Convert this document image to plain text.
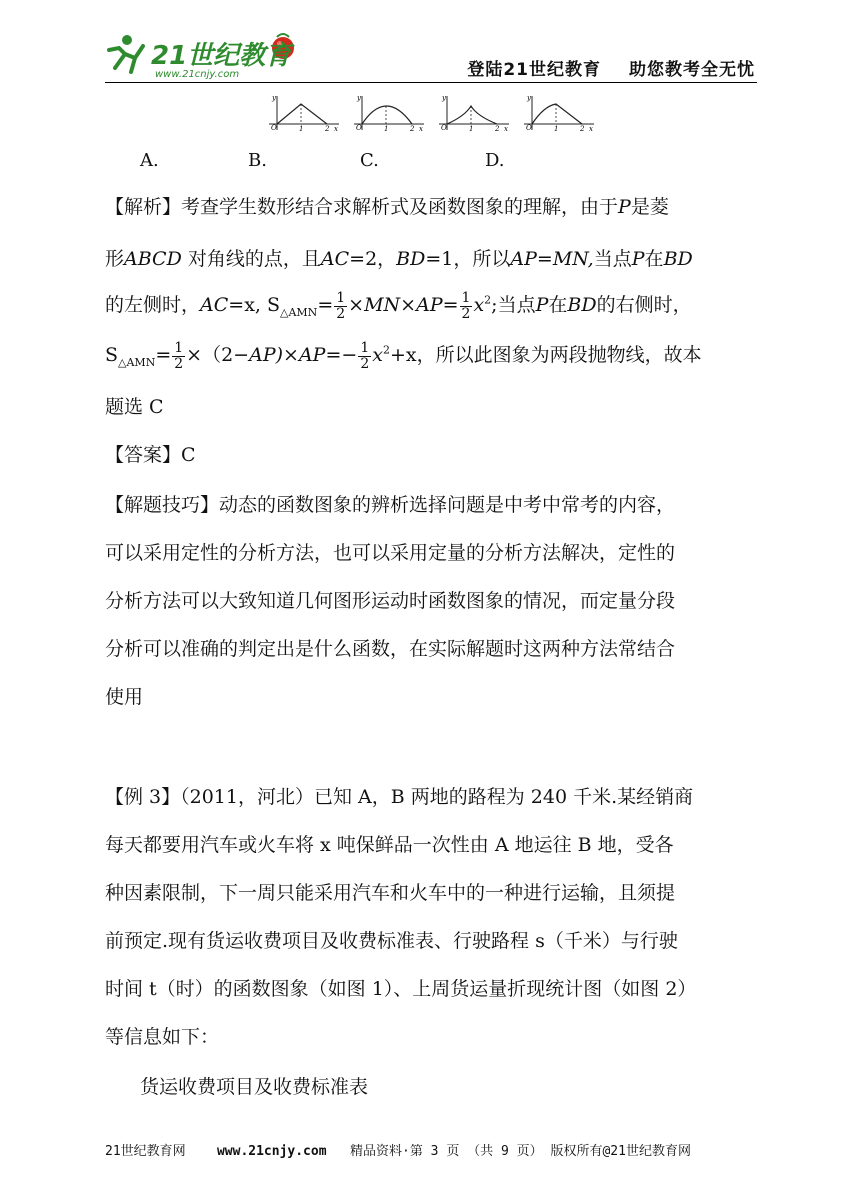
21世纪教育
www.21cnjy.com	登陆21世纪教育 助您教考全无忧
O
y
1	2 x	O
y
1	2 x	O
y
1	2 x	O
y
1	2 x
A.	B.	C.	D.
【解析】考查学生数形结合求解析式及函数图象的理解，由于P是菱
形ABCD 对角线的点，且AC=2，BD=1，所以AP=MN,当点P在BD
的左侧时，AC=x, $S_{\triangle AMN}= \frac{1}{2} \times MN\times AP= \frac{1}{2} x^2$;当点P在BD的右侧时，
$S_{\triangle AMN}= \frac{1}{2} \times(2-AP)\times AP=- \frac{1}{2} x^2+x$，所以此图象为两段抛物线，故本
题选 C
【答案】C
【解题技巧】动态的函数图象的辨析选择问题是中考中常考的内容，
可以采用定性的分析方法，也可以采用定量的分析方法解决，定性的
分析方法可以大致知道几何图形运动时函数图象的情况，而定量分段
分析可以准确的判定出是什么函数，在实际解题时这两种方法常结合
使用
【例 3】（2011，河北）已知 A，B 两地的路程为 240 千米.某经销商
每天都要用汽车或火车将 x 吨保鲜品一次性由 A 地运往 B 地，受各
种因素限制，下一周只能采用汽车和火车中的一种进行运输，且须提
前预定.现有货运收费项目及收费标准表、行驶路程 s（千米）与行驶
时间 t（时）的函数图象（如图 1）、上周货运量折现统计图（如图 2）
等信息如下：
货运收费项目及收费标准表
21世纪教育网 www.21cnjy.com 精品资料·第 3 页 （共 9 页） 版权所有@21世纪教育网
